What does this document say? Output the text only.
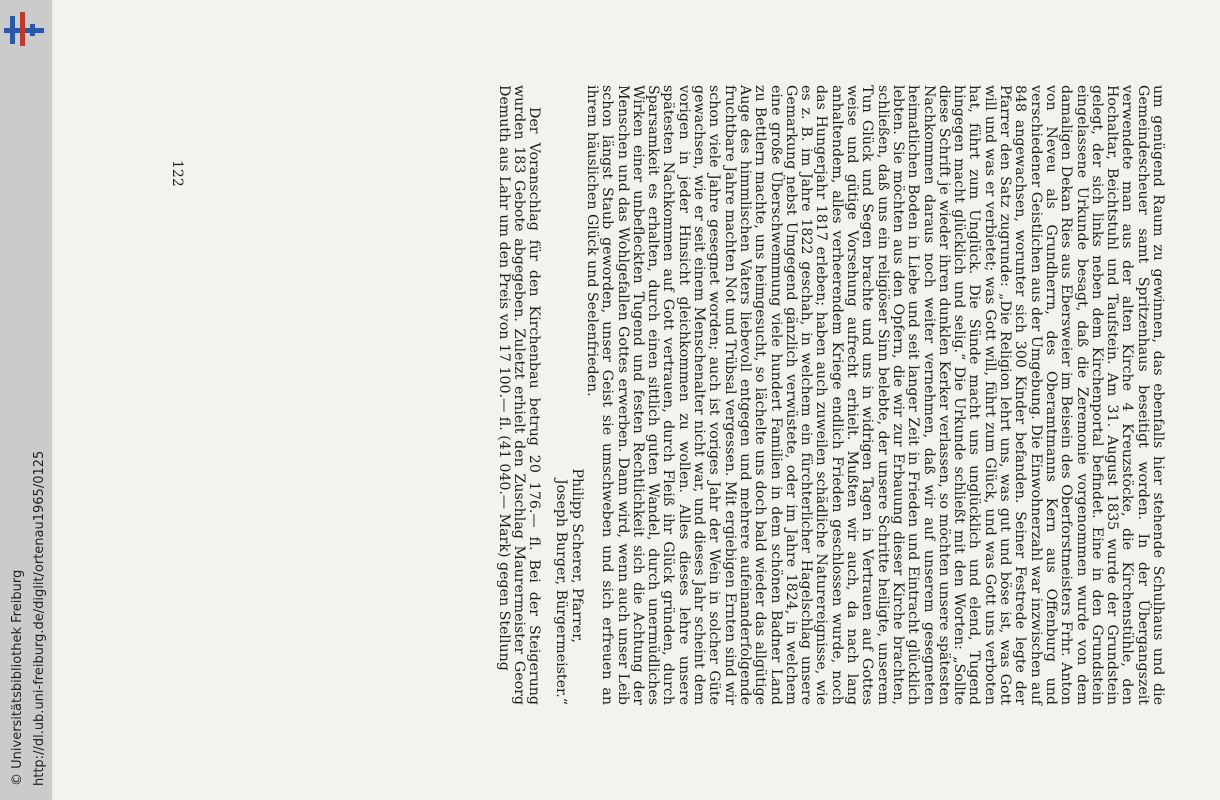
http://dl.ub.uni-freiburg.de/diglit/ortenau1965/0125
© Universitätsbibliothek Freiburg
122	um genügend Raum zu gewinnen, das ebenfalls hier stehende Schulhaus und die Gemeindescheuer samt Spritzenhaus beseitigt worden. In der Übergangszeit verwendete man aus der alten Kirche 4 Kreuzstöcke, die Kirchenstühle, den Hochaltar, Beichtstuhl und Taufstein. Am 31. August 1835 wurde der Grundstein gelegt, der sich links neben dem Kirchenportal befindet. Eine in den Grundstein eingelassene Urkunde besagt, daß die Zeremonie vorgenommen wurde von dem damaligen Dekan Ries aus Ebersweier im Beisein des Oberforstmeisters Frhr. Anton von Neveu als Grundherrn, des Oberamtmanns Kern aus Offenburg und verschiedener Geistlichen aus der Umgebung. Die Einwohnerzahl war inzwischen auf 848 angewachsen, worunter sich 300 Kinder befanden. Seiner Festrede legte der Pfarrer den Satz zugrunde: „Die Religion lehrt uns, was gut und böse ist, was Gott will und was er verbietet; was Gott will, führt zum Glück, und was Gott uns verboten hat, führt zum Unglück. Die Sünde macht uns unglücklich und elend, Tugend hingegen macht glücklich und selig.“ Die Urkunde schließt mit den Worten: „Sollte diese Schrift je wieder ihren dunklen Kerker verlassen, so möchten unsere spätesten Nachkommen daraus noch weiter vernehmen, daß wir auf unserem gesegneten heimatlichen Boden in Liebe und seit langer Zeit in Frieden und Eintracht glücklich lebten. Sie möchten aus den Opfern, die wir zur Erbauung dieser Kirche brachten, schließen, daß uns ein religiöser Sinn belebte, der unsere Schritte heiligte, unserem Tun Glück und Segen brachte und uns in widrigen Tagen in Vertrauen auf Gottes weise und gütige Vorsehung aufrecht erhielt. Mußten wir auch, da nach lang anhaltendem, alles verheerendem Kriege endlich Frieden geschlossen wurde, noch das Hungerjahr 1817 erleben; haben auch zuweilen schädliche Naturereignisse, wie es z. B. im Jahre 1822 geschah, in welchem ein fürchterlicher Hagelschlag unsere Gemarkung nebst Umgegend gänzlich verwüstete, oder im Jahre 1824, in welchem eine große Überschwemmung viele hundert Familien in dem schönen Badner Land zu Bettlern machte, uns heimgesucht, so lächelte uns doch bald wieder das allgütige Auge des himmlischen Vaters liebevoll entgegen und mehrere aufeinanderfolgende fruchtbare Jahre machten Not und Trübsal vergessen. Mit ergiebigen Ernten sind wir schon viele Jahre gesegnet worden; auch ist voriges Jahr der Wein in solcher Güte gewachsen, wie er seit einem Menschenalter nicht war, und dieses Jahr scheint dem vorigen in jeder Hinsicht gleichkommen zu wollen. Alles dieses lehre unsere spätesten Nachkommen auf Gott vertrauen, durch Fleiß ihr Glück gründen, durch Sparsamkeit es erhalten, durch einen sittlich guten Wandel, durch unermüdliches Wirken einer unbefleckten Tugend und festen Rechtlichkeit sich die Achtung der Menschen und das Wohlgefallen Gottes erwerben. Dann wird, wenn auch unser Leib schon längst Staub geworden, unser Geist sie umschweben und sich erfreuen an ihrem häuslichen Glück und Seelenfrieden.

Philipp Scherer, Pfarrer,

Joseph Burger, Bürgermeister.“

Der Voranschlag für den Kirchenbau betrug 20 176.— fl. Bei der Steigerung wurden 183 Gebote abgegeben. Zuletzt erhielt den Zuschlag Maurermeister Georg Demuth aus Lahr um den Preis von 17 100.— fl. (41 040.— Mark) gegen Stellung
